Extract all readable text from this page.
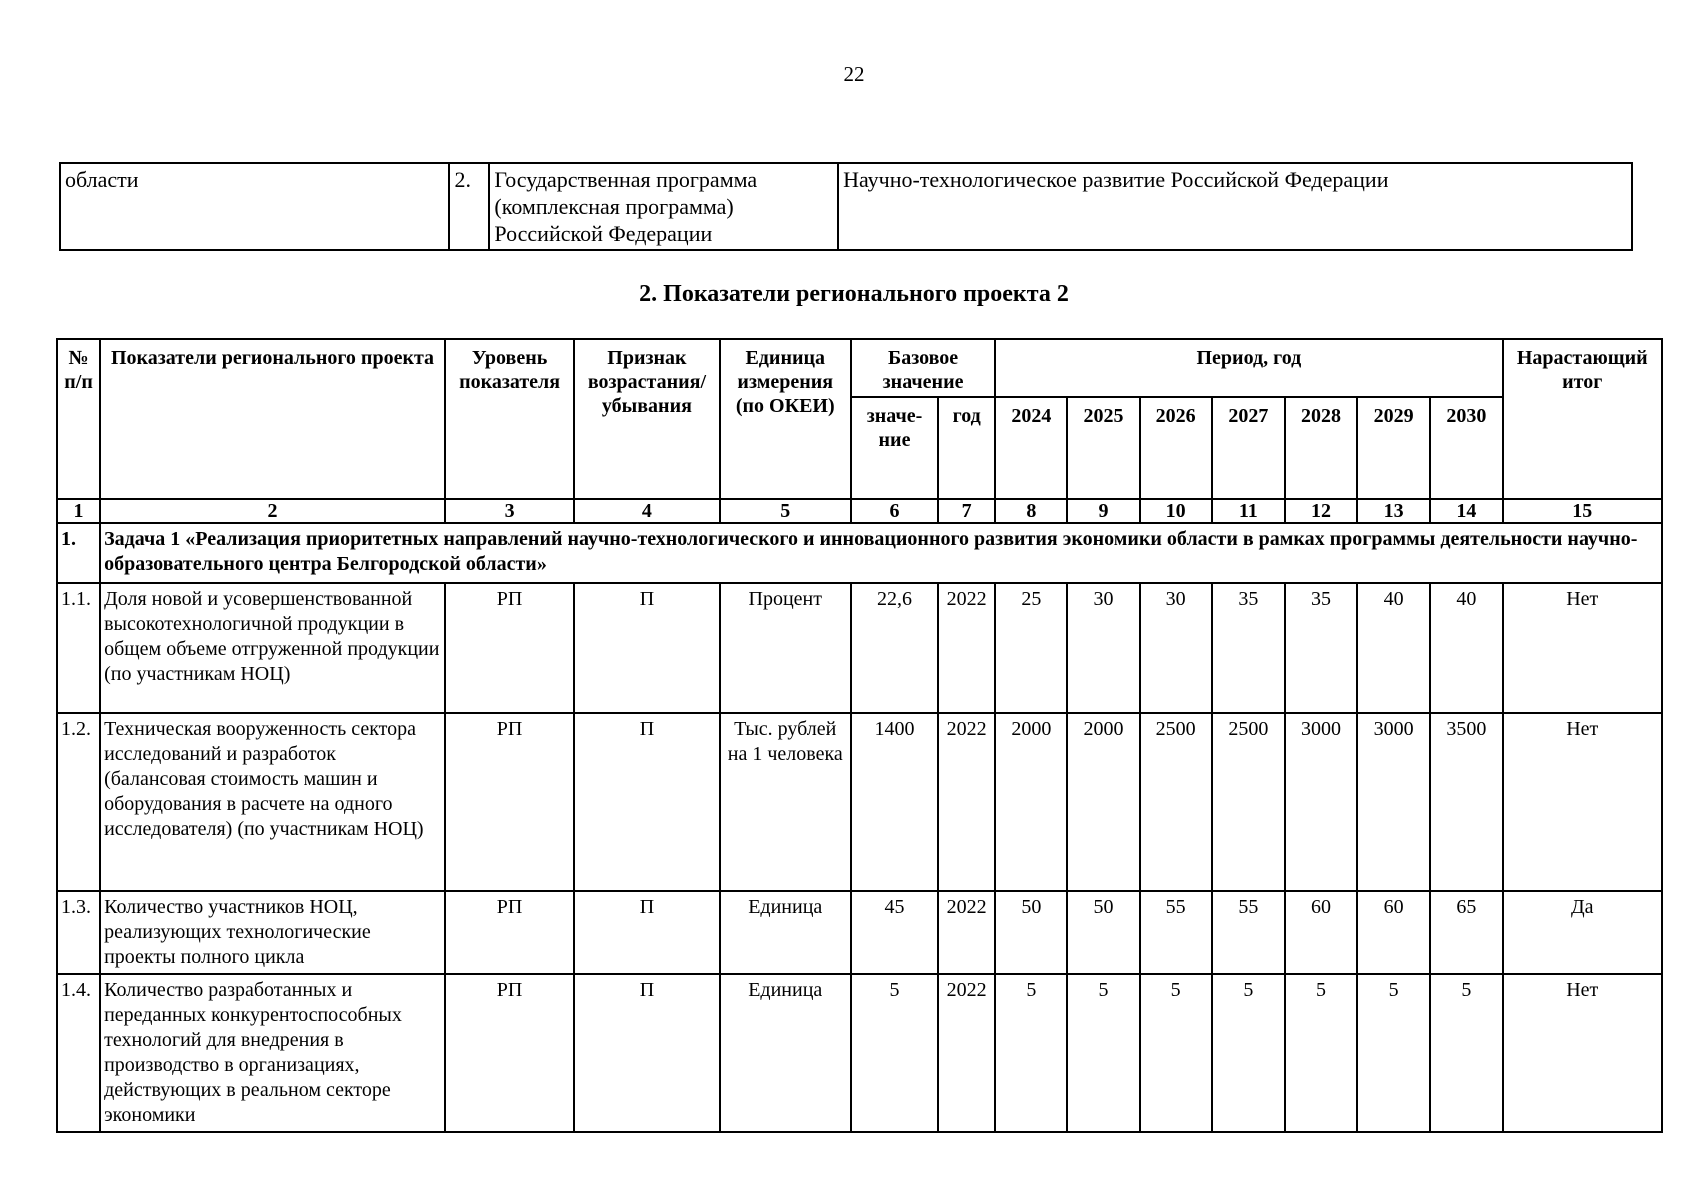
22
области	2.	Государственная программа (комплексная программа) Российской Федерации	Научно-технологическое развитие Российской Федерации
2. Показатели регионального проекта 2
№ п/п	Показатели регионального проекта	Уровень показателя	Признак возрастания/ убывания	Единица измерения (по ОКЕИ)	Базовое значение		Период, год							Нарастающий итог
					значе-ние	год	2024	2025	2026	2027	2028	2029	2030	
1	2	3	4	5	6	7	8	9	10	11	12	13	14	15
1.	Задача 1 «Реализация приоритетных направлений научно-технологического и инновационного развития экономики области в рамках программы деятельности научно-образовательного центра Белгородской области»													
1.1.	Доля новой и усовершенствованной высокотехнологичной продукции в общем объеме отгруженной продукции (по участникам НОЦ)	РП	П	Процент	22,6	2022	25	30	30	35	35	40	40	Нет
1.2.	Техническая вооруженность сектора исследований и разработок (балансовая стоимость машин и оборудования в расчете на одного исследователя) (по участникам НОЦ)	РП	П	Тыс. рублей на 1 человека	1400	2022	2000	2000	2500	2500	3000	3000	3500	Нет
1.3.	Количество участников НОЦ, реализующих технологические проекты полного цикла	РП	П	Единица	45	2022	50	50	55	55	60	60	65	Да
1.4.	Количество разработанных и переданных конкурентоспособных технологий для внедрения в производство в организациях, действующих в реальном секторе экономики	РП	П	Единица	5	2022	5	5	5	5	5	5	5	Нет
